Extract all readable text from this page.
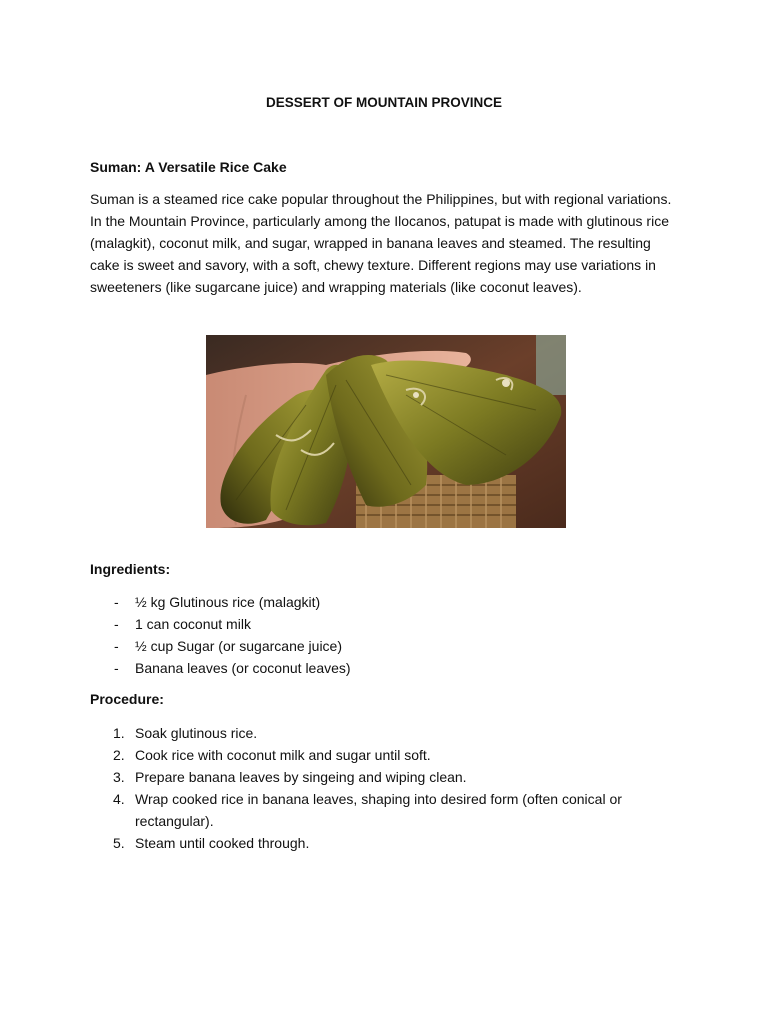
DESSERT OF MOUNTAIN PROVINCE
Suman: A Versatile Rice Cake

Suman is a steamed rice cake popular throughout the Philippines, but with regional variations. In the Mountain Province, particularly among the Ilocanos, patupat is made with glutinous rice (malagkit), coconut milk, and sugar, wrapped in banana leaves and steamed. The resulting cake is sweet and savory, with a soft, chewy texture. Different regions may use variations in sweeteners (like sugarcane juice) and wrapping materials (like coconut leaves).

Ingredients:
- ½ kg Glutinous rice (malagkit)
- 1 can coconut milk
- ½ cup Sugar (or sugarcane juice)
- Banana leaves (or coconut leaves)
Procedure:
1. Soak glutinous rice.
2. Cook rice with coconut milk and sugar until soft.
3. Prepare banana leaves by singeing and wiping clean.
4. Wrap cooked rice in banana leaves, shaping into desired form (often conical or rectangular).
5. Steam until cooked through.
